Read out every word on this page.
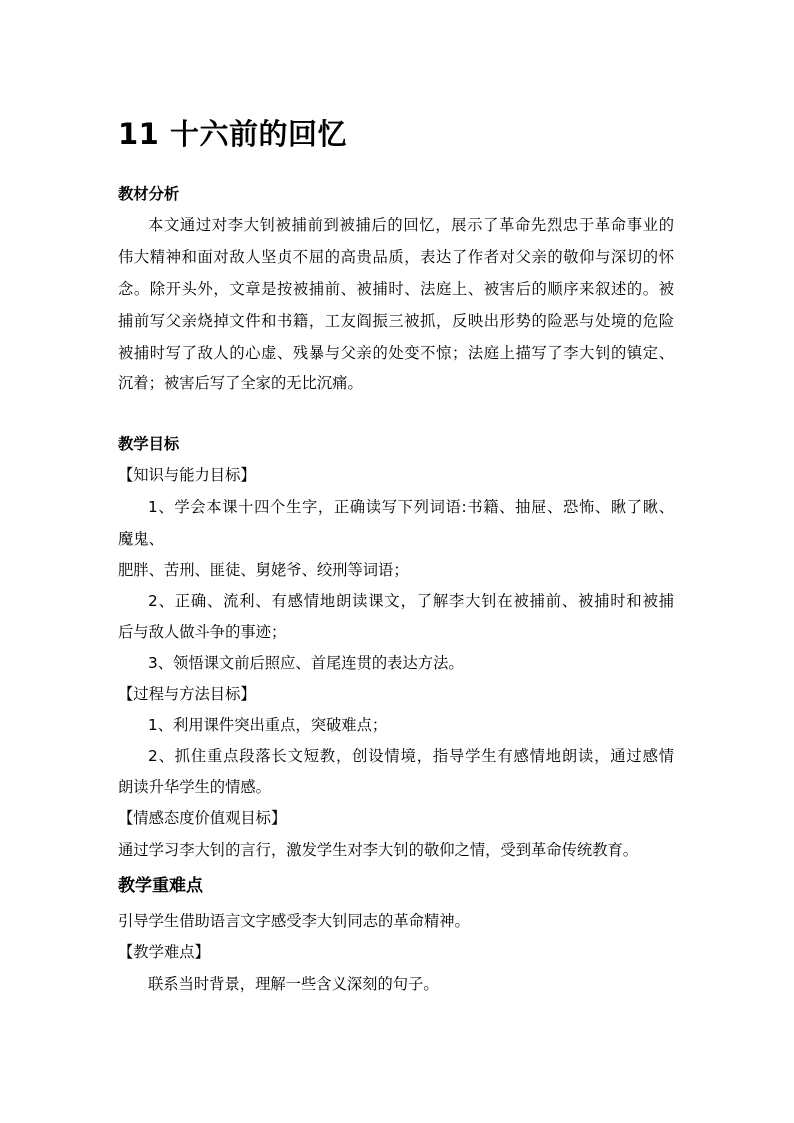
11 十六前的回忆
教材分析
本文通过对李大钊被捕前到被捕后的回忆，展示了革命先烈忠于革命事业的
伟大精神和面对敌人坚贞不屈的高贵品质，表达了作者对父亲的敬仰与深切的怀
念。除开头外，文章是按被捕前、被捕时、法庭上、被害后的顺序来叙述的。被
捕前写父亲烧掉文件和书籍，工友阎振三被抓，反映出形势的险恶与处境的危险
被捕时写了敌人的心虚、残暴与父亲的处变不惊；法庭上描写了李大钊的镇定、
沉着；被害后写了全家的无比沉痛。
教学目标
【知识与能力目标】
1、学会本课十四个生字，正确读写下列词语:书籍、抽屉、恐怖、瞅了瞅、
魔鬼、
肥胖、苦刑、匪徒、舅姥爷、绞刑等词语；
2、正确、流利、有感情地朗读课文，了解李大钊在被捕前、被捕时和被捕
后与敌人做斗争的事迹；
3、领悟课文前后照应、首尾连贯的表达方法。
【过程与方法目标】
1、利用课件突出重点，突破难点；
2、抓住重点段落长文短教，创设情境，指导学生有感情地朗读，通过感情
朗读升华学生的情感。
【情感态度价值观目标】
通过学习李大钊的言行，激发学生对李大钊的敬仰之情，受到革命传统教育。
教学重难点
引导学生借助语言文字感受李大钊同志的革命精神。
【教学难点】
联系当时背景，理解一些含义深刻的句子。
